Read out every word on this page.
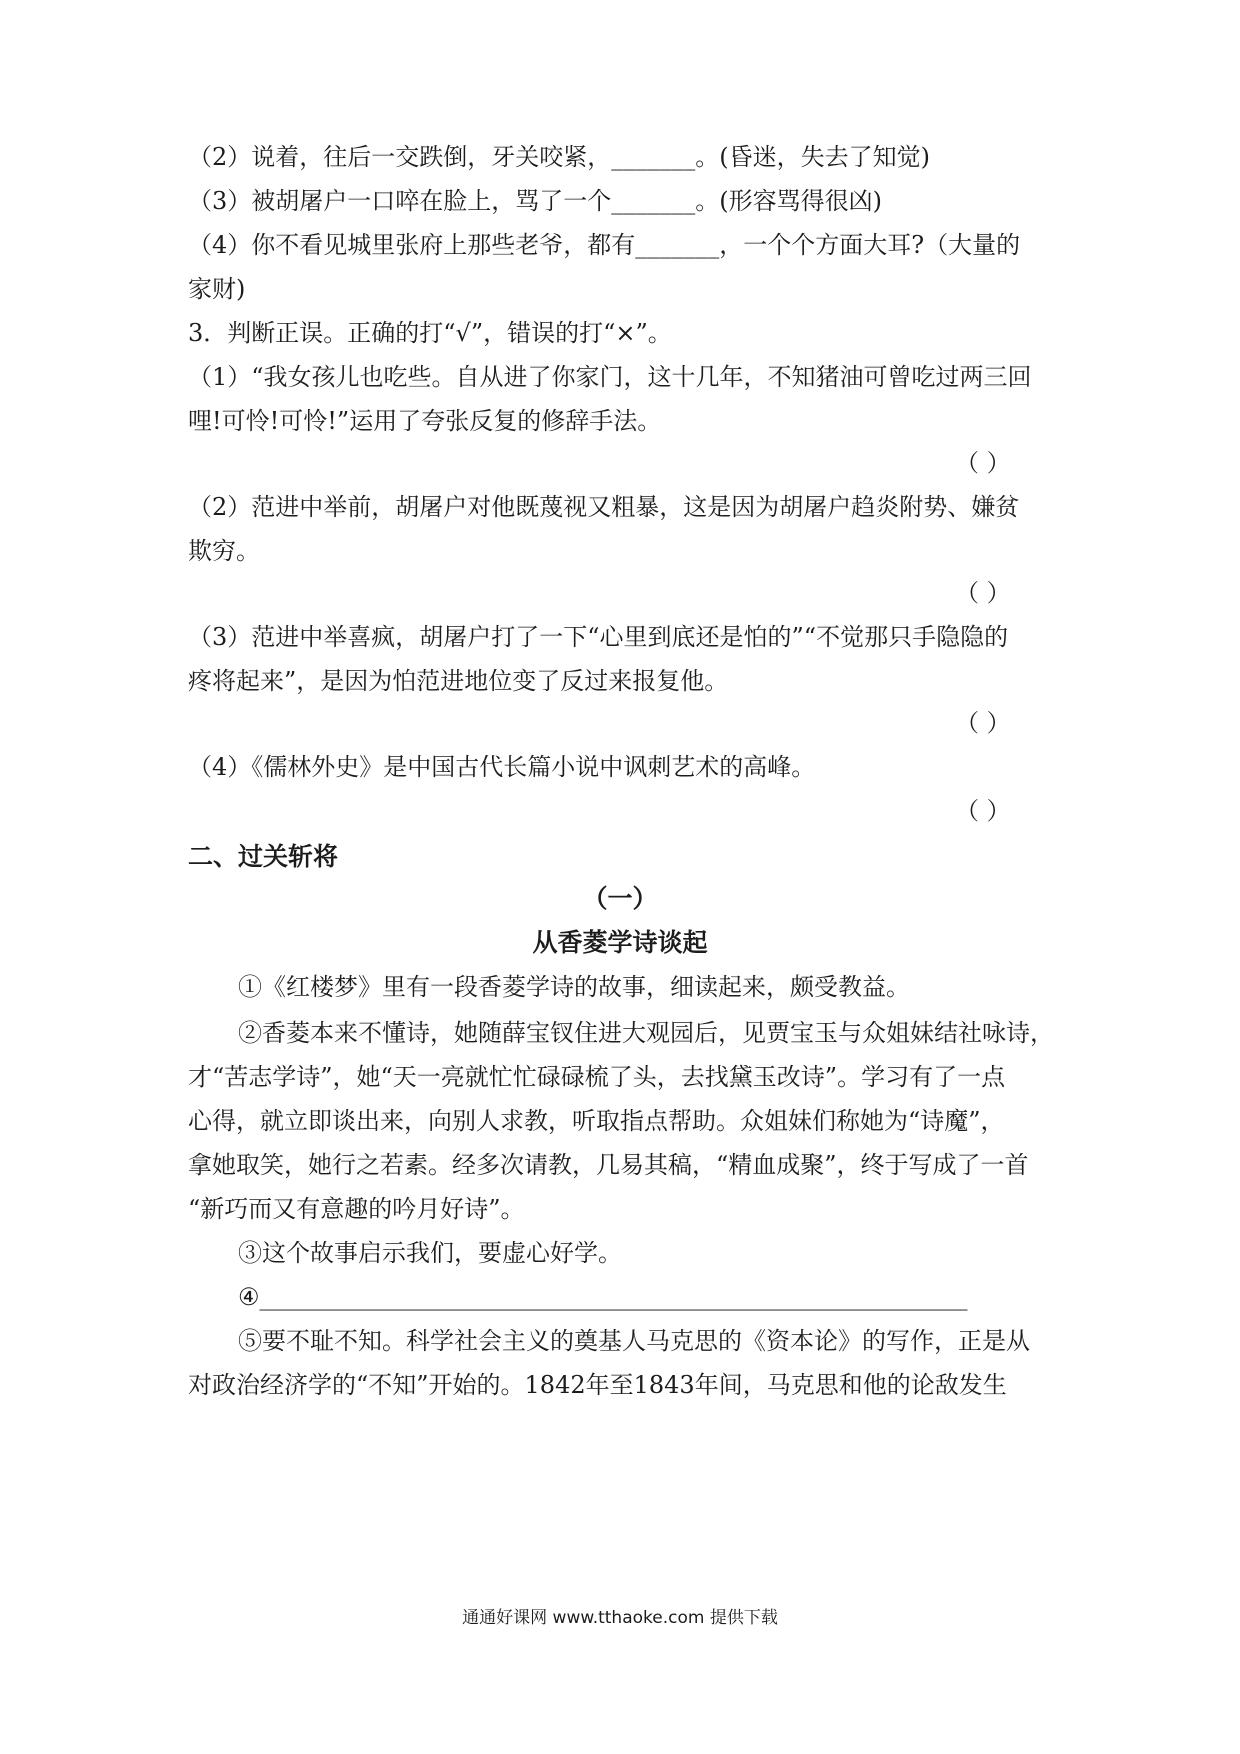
（2）说着，往后一交跌倒，牙关咬紧，_______。(昏迷，失去了知觉)
（3）被胡屠户一口啐在脸上，骂了一个_______。(形容骂得很凶)
（4）你不看见城里张府上那些老爷，都有_______，一个个方面大耳?（大量的
家财)
3．判断正误。正确的打“√”，错误的打“×”。
（1）“我女孩儿也吃些。自从进了你家门，这十几年，不知猪油可曾吃过两三回
哩!可怜!可怜!”运用了夸张反复的修辞手法。
（ ）
（2）范进中举前，胡屠户对他既蔑视又粗暴，这是因为胡屠户趋炎附势、嫌贫
欺穷。
（ ）
（3）范进中举喜疯，胡屠户打了一下“心里到底还是怕的”“不觉那只手隐隐的
疼将起来”，是因为怕范进地位变了反过来报复他。
（ ）
（4）《儒林外史》是中国古代长篇小说中讽刺艺术的高峰。
（ ）
二、过关斩将
（一）
从香菱学诗谈起
①《红楼梦》里有一段香菱学诗的故事，细读起来，颇受教益。
②香菱本来不懂诗，她随薛宝钗住进大观园后，见贾宝玉与众姐妹结社咏诗，
才“苦志学诗”，她“天一亮就忙忙碌碌梳了头，去找黛玉改诗”。学习有了一点
心得，就立即谈出来，向别人求教，听取指点帮助。众姐妹们称她为“诗魔”，
拿她取笑，她行之若素。经多次请教，几易其稿，“精血成聚”，终于写成了一首
“新巧而又有意趣的吟月好诗”。
③这个故事启示我们，要虚心好学。
④___________________________________________________________
⑤要不耻不知。科学社会主义的奠基人马克思的《资本论》的写作，正是从
对政治经济学的“不知”开始的。1842年至1843年间，马克思和他的论敌发生
通通好课网 www.tthaoke.com 提供下载
